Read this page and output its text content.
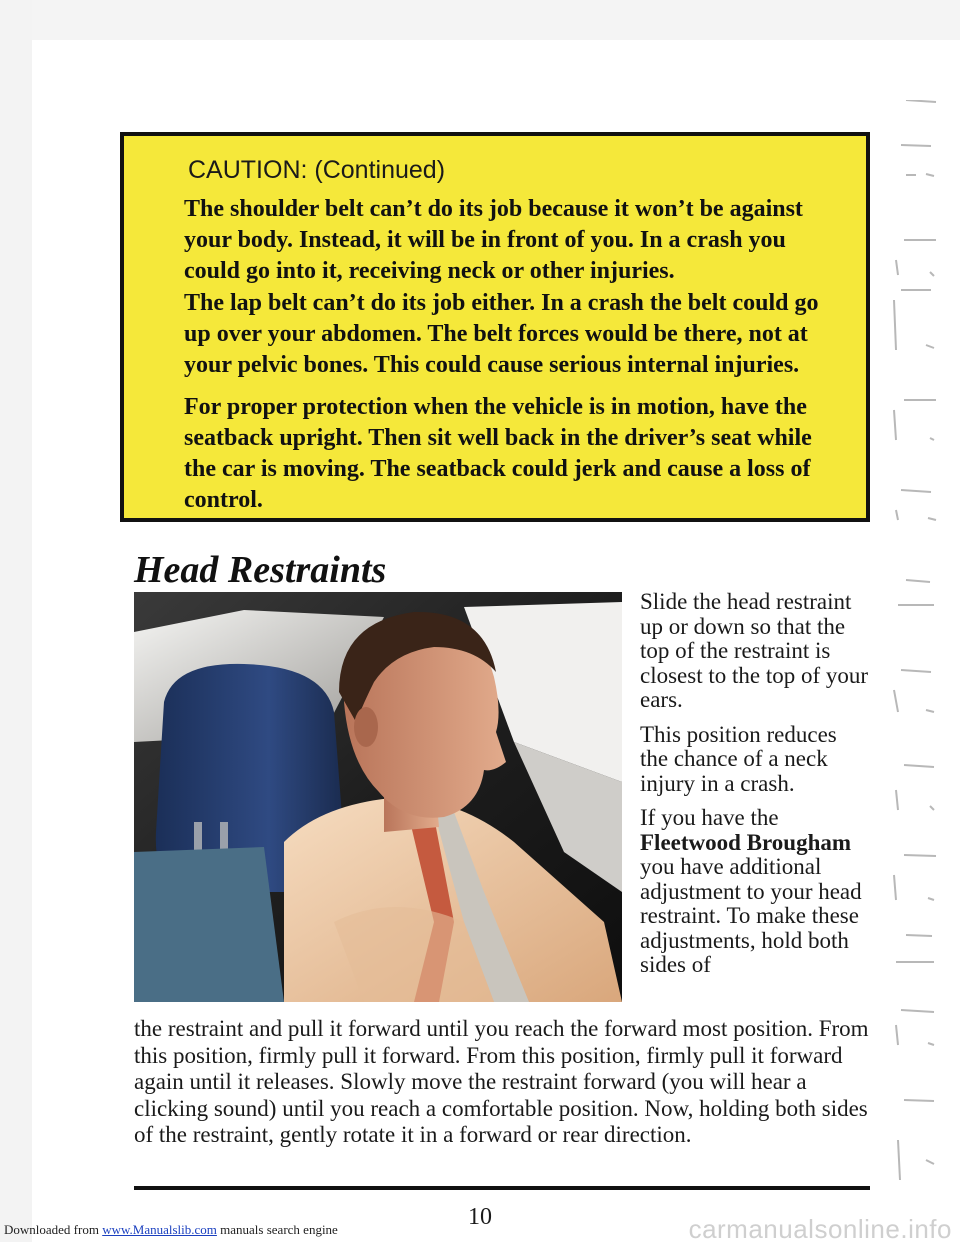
CAUTION: (Continued)

The shoulder belt can’t do its job because it won’t be against your body. Instead, it will be in front of you. In a crash you could go into it, receiving neck or other injuries.

The lap belt can’t do its job either. In a crash the belt could go up over your abdomen. The belt forces would be there, not at your pelvic bones. This could cause serious internal injuries.

For proper protection when the vehicle is in motion, have the seatback upright. Then sit well back in the driver’s seat while the car is moving. The seatback could jerk and cause a loss of control.

Head Restraints

Slide the head restraint up or down so that the top of the restraint is closest to the top of your ears.

This position reduces the chance of a neck injury in a crash.

If you have the Fleetwood Brougham you have additional adjustment to your head restraint. To make these adjustments, hold both sides of

the restraint and pull it forward until you reach the forward most position. From this position, firmly pull it forward. From this position, firmly pull it forward again until it releases. Slowly move the restraint forward (you will hear a clicking sound) until you reach a comfortable position. Now, holding both sides of the restraint, gently rotate it in a forward or rear direction.

10
Downloaded from www.Manualslib.com manuals search engine	carmanualsonline.info
